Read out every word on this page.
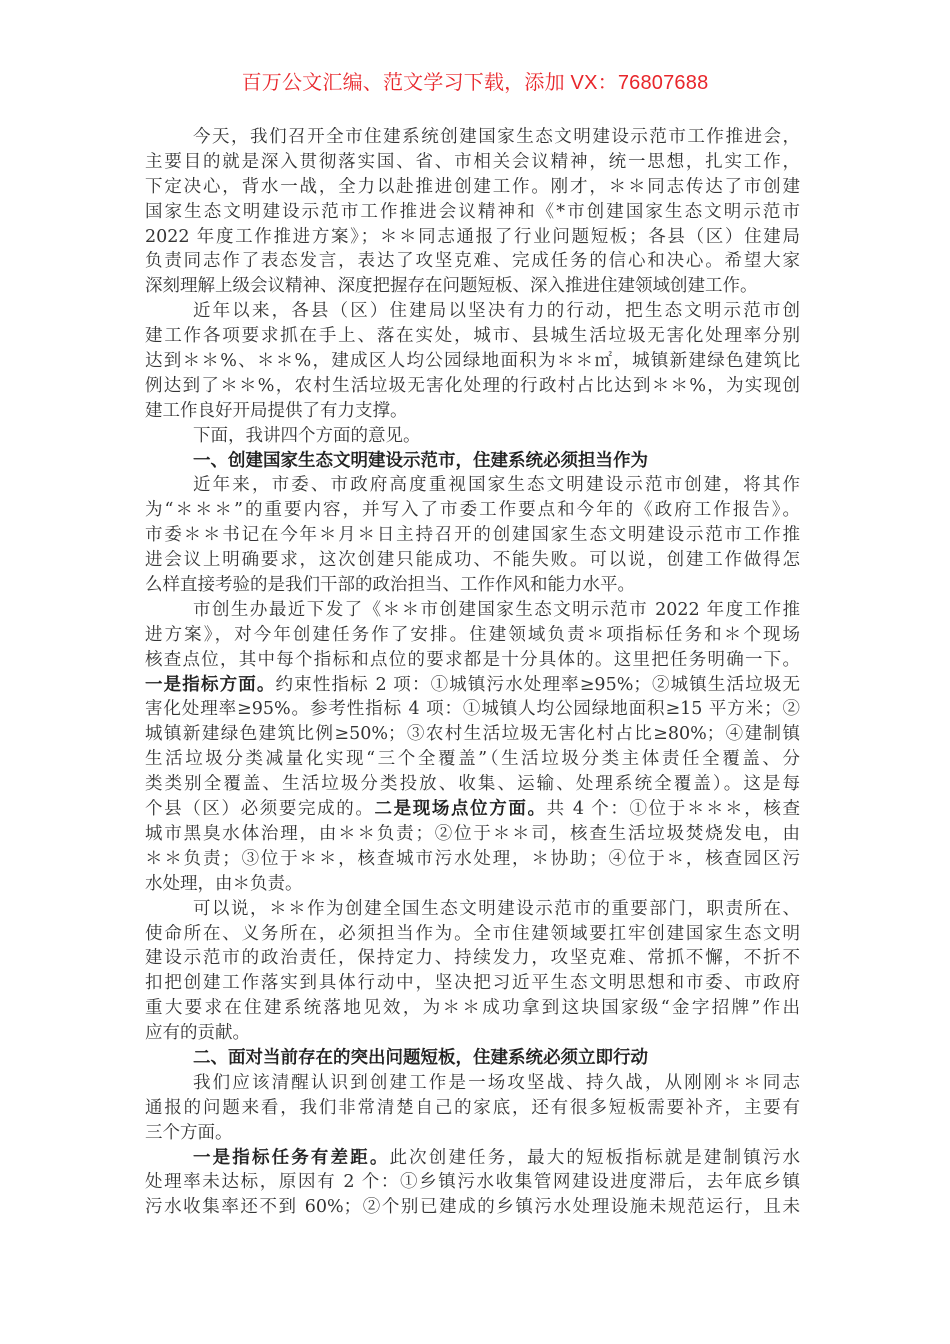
百万公文汇编、范文学习下载，添加 VX：76807688
今天，我们召开全市住建系统创建国家生态文明建设示范市工作推进会，
主要目的就是深入贯彻落实国、省、市相关会议精神，统一思想，扎实工作，
下定决心，背水一战，全力以赴推进创建工作。刚才，＊＊同志传达了市创建
国家生态文明建设示范市工作推进会议精神和《*市创建国家生态文明示范市
2022 年度工作推进方案》；＊＊同志通报了行业问题短板；各县（区）住建局
负责同志作了表态发言，表达了攻坚克难、完成任务的信心和决心。希望大家
深刻理解上级会议精神、深度把握存在问题短板、深入推进住建领域创建工作。
近年以来，各县（区）住建局以坚决有力的行动，把生态文明示范市创
建工作各项要求抓在手上、落在实处，城市、县城生活垃圾无害化处理率分别
达到＊＊%、＊＊%，建成区人均公园绿地面积为＊＊㎡，城镇新建绿色建筑比
例达到了＊＊%，农村生活垃圾无害化处理的行政村占比达到＊＊%，为实现创
建工作良好开局提供了有力支撑。
下面，我讲四个方面的意见。
一、创建国家生态文明建设示范市，住建系统必须担当作为
近年来，市委、市政府高度重视国家生态文明建设示范市创建，将其作
为“＊＊＊”的重要内容，并写入了市委工作要点和今年的《政府工作报告》。
市委＊＊书记在今年＊月＊日主持召开的创建国家生态文明建设示范市工作推
进会议上明确要求，这次创建只能成功、不能失败。可以说，创建工作做得怎
么样直接考验的是我们干部的政治担当、工作作风和能力水平。
市创生办最近下发了《＊＊市创建国家生态文明示范市 2022 年度工作推
进方案》，对今年创建任务作了安排。住建领域负责＊项指标任务和＊个现场
核查点位，其中每个指标和点位的要求都是十分具体的。这里把任务明确一下。
一是指标方面。约束性指标 2 项：①城镇污水处理率≥95%；②城镇生活垃圾无
害化处理率≥95%。参考性指标 4 项：①城镇人均公园绿地面积≥15 平方米；②
城镇新建绿色建筑比例≥50%；③农村生活垃圾无害化村占比≥80%；④建制镇
生活垃圾分类减量化实现“三个全覆盖”（生活垃圾分类主体责任全覆盖、分
类类别全覆盖、生活垃圾分类投放、收集、运输、处理系统全覆盖）。这是每
个县（区）必须要完成的。二是现场点位方面。共 4 个：①位于＊＊＊，核查
城市黑臭水体治理，由＊＊负责；②位于＊＊司，核查生活垃圾焚烧发电，由
＊＊负责；③位于＊＊，核查城市污水处理，＊协助；④位于＊，核查园区污
水处理，由＊负责。
可以说，＊＊作为创建全国生态文明建设示范市的重要部门，职责所在、
使命所在、义务所在，必须担当作为。全市住建领域要扛牢创建国家生态文明
建设示范市的政治责任，保持定力、持续发力，攻坚克难、常抓不懈，不折不
扣把创建工作落实到具体行动中，坚决把习近平生态文明思想和市委、市政府
重大要求在住建系统落地见效，为＊＊成功拿到这块国家级“金字招牌”作出
应有的贡献。
二、面对当前存在的突出问题短板，住建系统必须立即行动
我们应该清醒认识到创建工作是一场攻坚战、持久战，从刚刚＊＊同志
通报的问题来看，我们非常清楚自己的家底，还有很多短板需要补齐，主要有
三个方面。
一是指标任务有差距。此次创建任务，最大的短板指标就是建制镇污水
处理率未达标，原因有 2 个：①乡镇污水收集管网建设进度滞后，去年底乡镇
污水收集率还不到 60%；②个别已建成的乡镇污水处理设施未规范运行，且未
